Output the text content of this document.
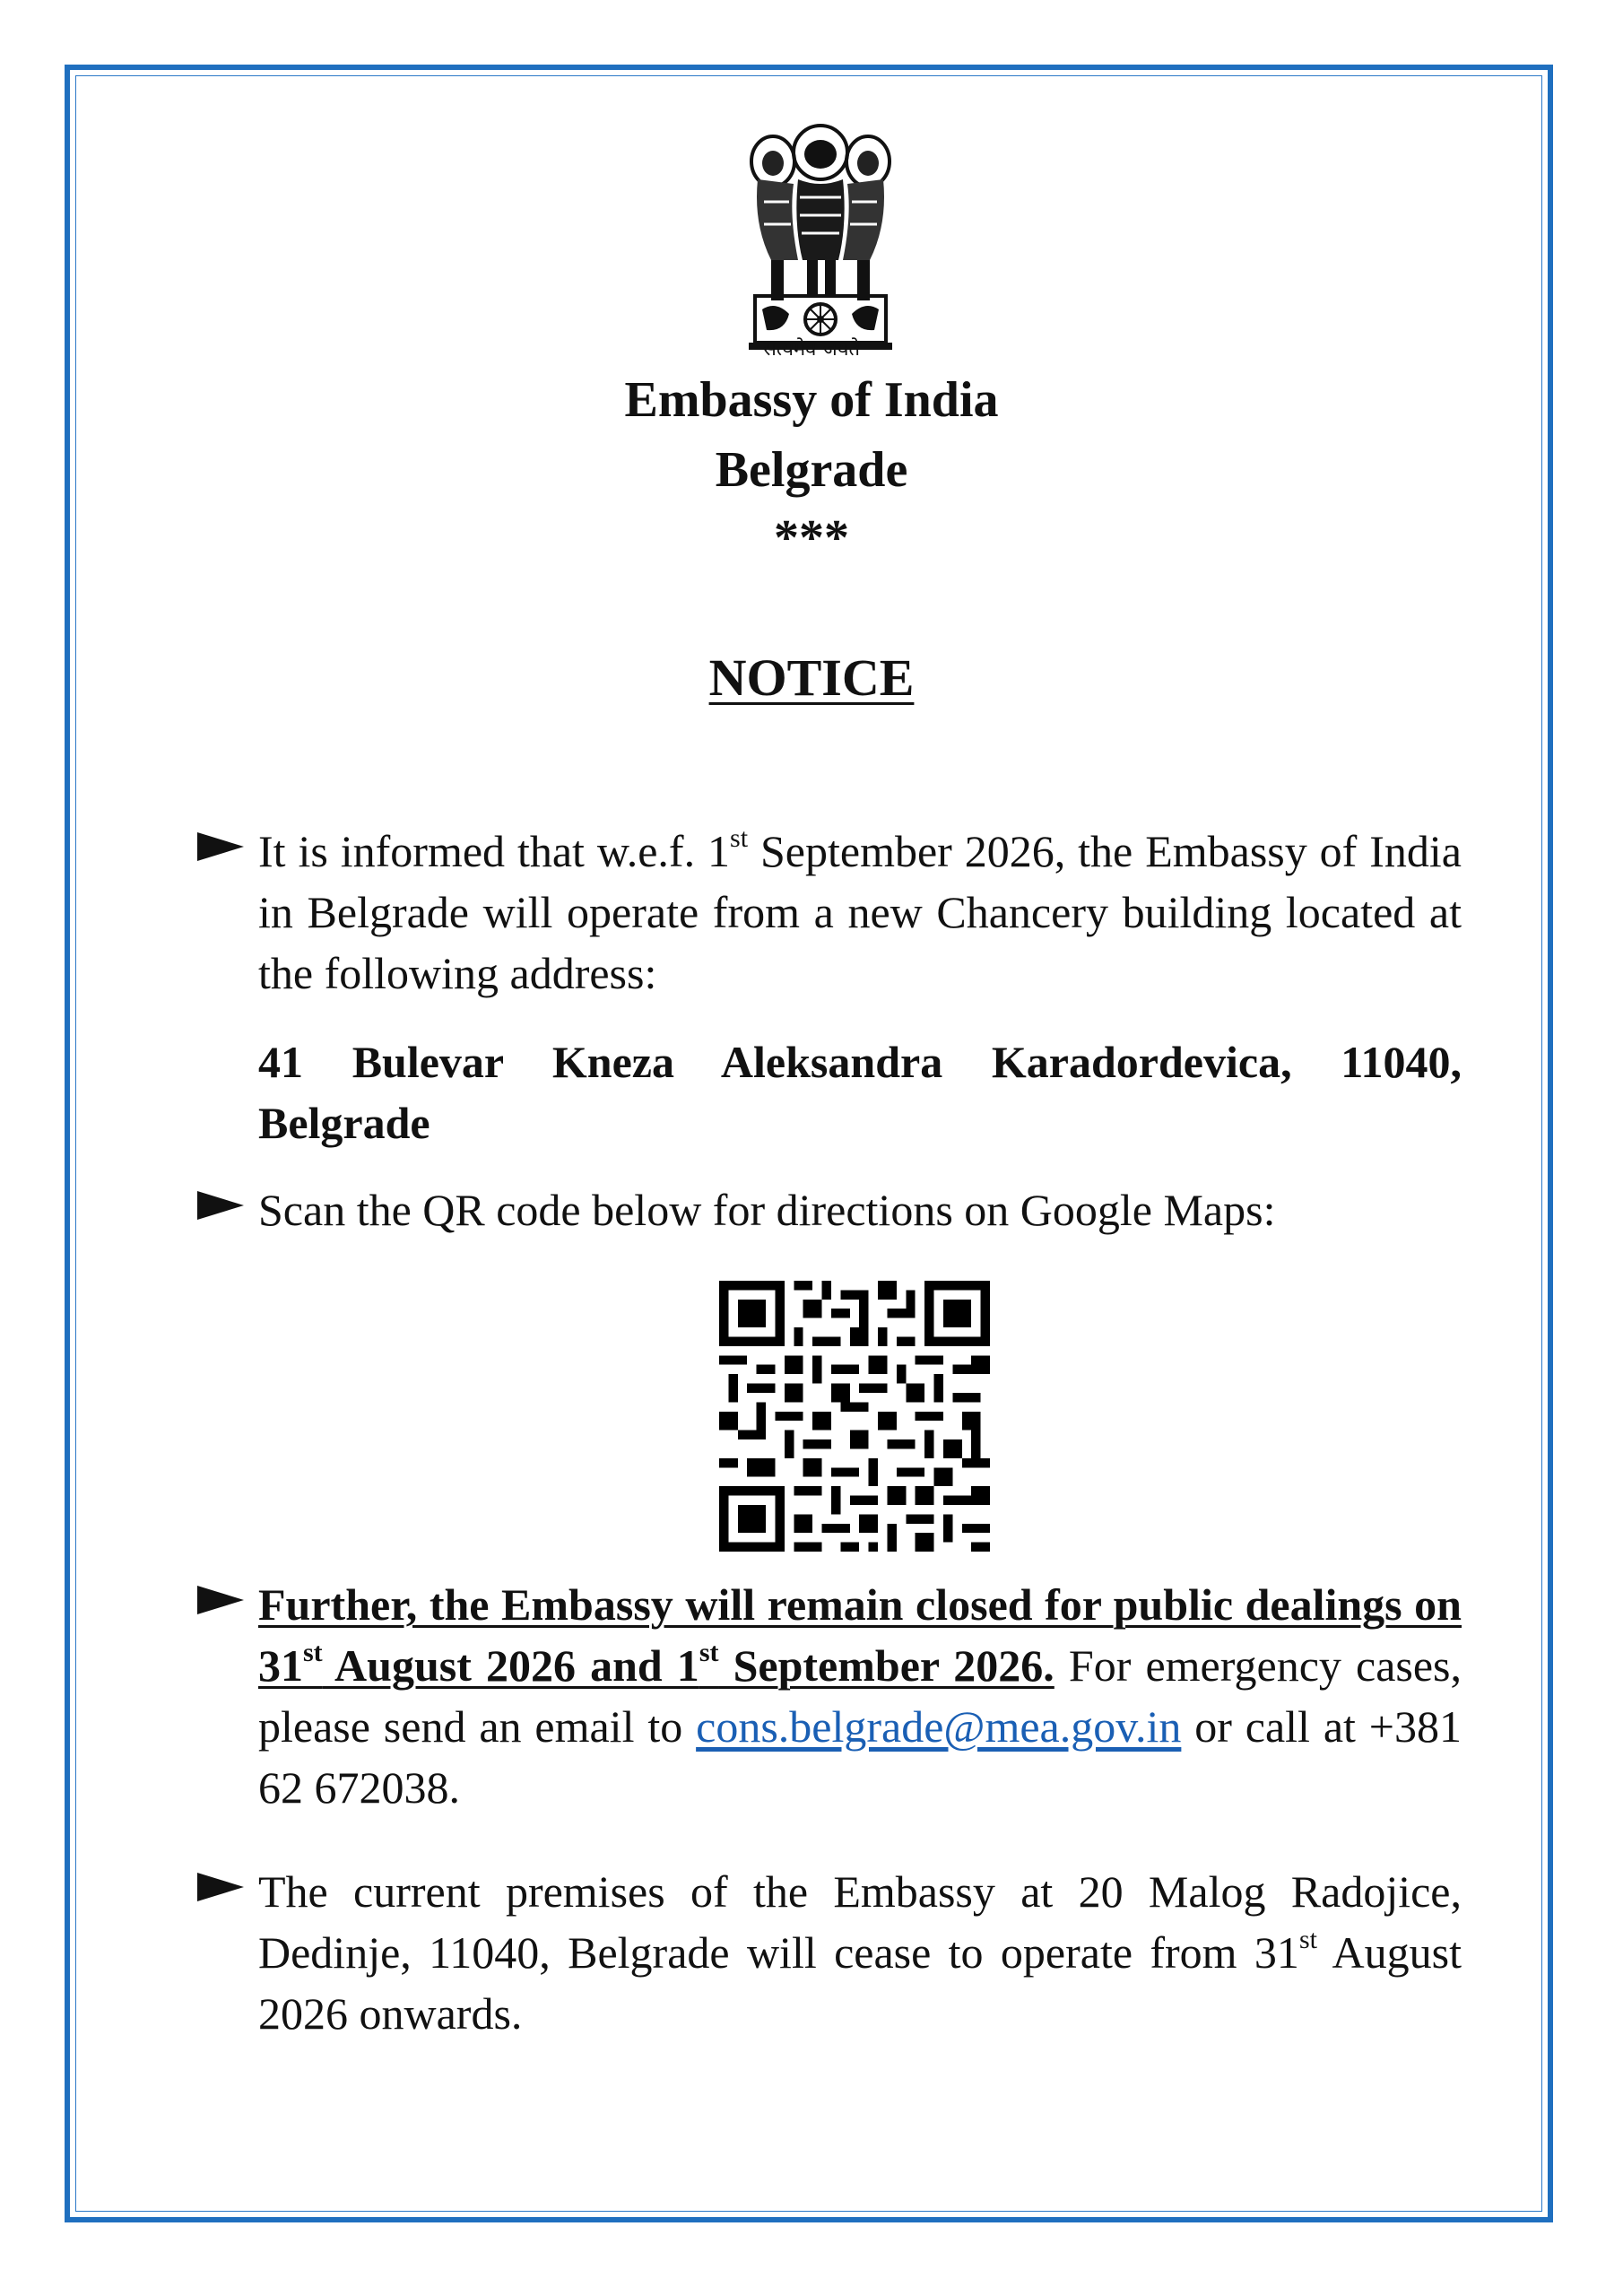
सत्यमेव जयते
Embassy of India
Belgrade
***
NOTICE
It is informed that w.e.f. 1st September 2026, the Embassy of India in Belgrade will operate from a new Chancery building located at the following address:
41 Bulevar Kneza Aleksandra Karadordevica, 11040, Belgrade
Scan the QR code below for directions on Google Maps:
Further, the Embassy will remain closed for public dealings on 31st August 2026 and 1st September 2026. For emergency cases, please send an email to cons.belgrade@mea.gov.in or call at +381 62 672038.
The current premises of the Embassy at 20 Malog Radojice, Dedinje, 11040, Belgrade will cease to operate from 31st August 2026 onwards.
